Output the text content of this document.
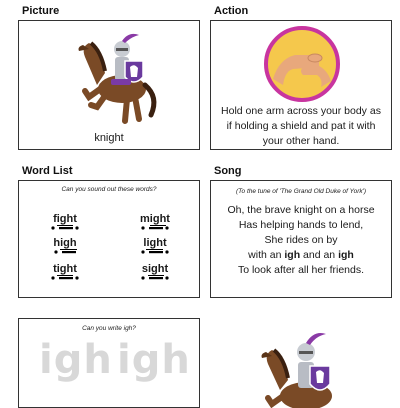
Picture	Action
Word List	Song
knight
Hold one arm across your body as if holding a shield and pat it with your other hand.
Can you sound out these words?
fight	might
high	light
tight	sight
(To the tune of 'The Grand Old Duke of York')
Oh, the brave knight on a horse
Has helping hands to lend,
She rides on by
with an igh and an igh
To look after all her friends.
Can you write igh?
igh igh
